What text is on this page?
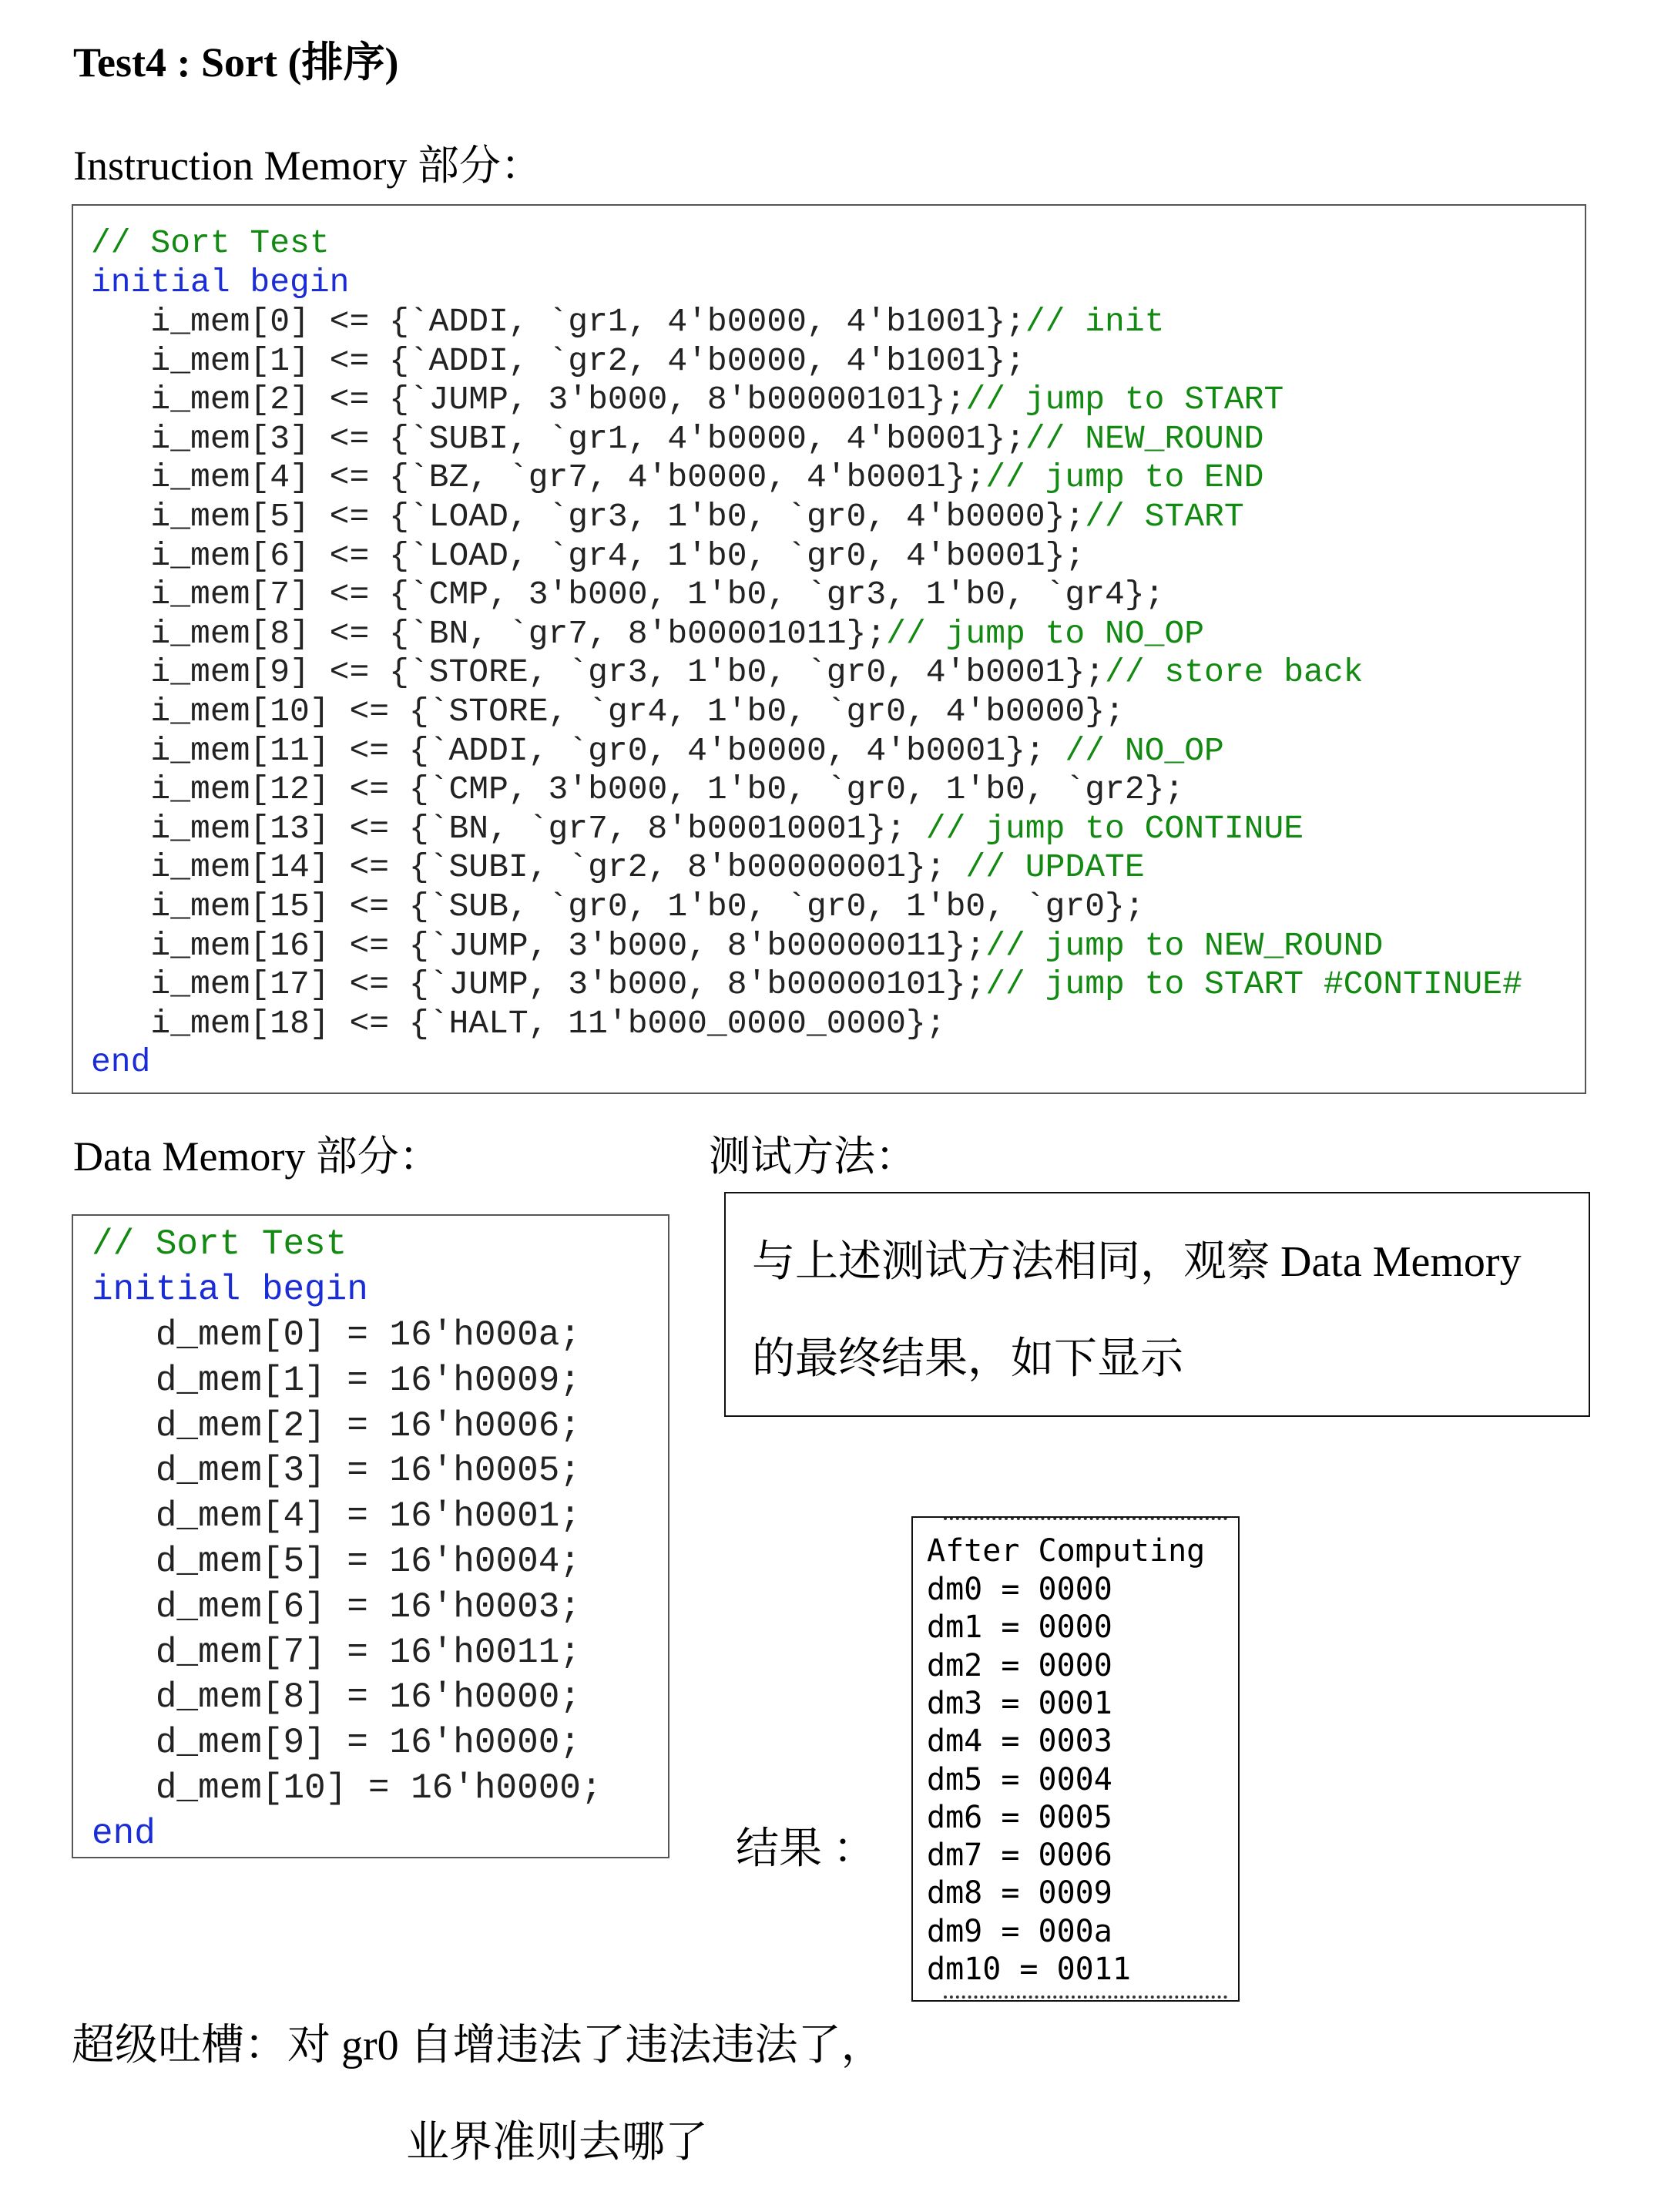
Test4 : Sort (排序)
Instruction Memory 部分：
// Sort Test
initial begin
i_mem[0] <= {`ADDI, `gr1, 4'b0000, 4'b1001};// init
i_mem[1] <= {`ADDI, `gr2, 4'b0000, 4'b1001};
i_mem[2] <= {`JUMP, 3'b000, 8'b00000101};// jump to START
i_mem[3] <= {`SUBI, `gr1, 4'b0000, 4'b0001};// NEW_ROUND
i_mem[4] <= {`BZ, `gr7, 4'b0000, 4'b0001};// jump to END
i_mem[5] <= {`LOAD, `gr3, 1'b0, `gr0, 4'b0000};// START
i_mem[6] <= {`LOAD, `gr4, 1'b0, `gr0, 4'b0001};
i_mem[7] <= {`CMP, 3'b000, 1'b0, `gr3, 1'b0, `gr4};
i_mem[8] <= {`BN, `gr7, 8'b00001011};// jump to NO_OP
i_mem[9] <= {`STORE, `gr3, 1'b0, `gr0, 4'b0001};// store back
i_mem[10] <= {`STORE, `gr4, 1'b0, `gr0, 4'b0000};
i_mem[11] <= {`ADDI, `gr0, 4'b0000, 4'b0001}; // NO_OP
i_mem[12] <= {`CMP, 3'b000, 1'b0, `gr0, 1'b0, `gr2};
i_mem[13] <= {`BN, `gr7, 8'b00010001}; // jump to CONTINUE
i_mem[14] <= {`SUBI, `gr2, 8'b00000001}; // UPDATE
i_mem[15] <= {`SUB, `gr0, 1'b0, `gr0, 1'b0, `gr0};
i_mem[16] <= {`JUMP, 3'b000, 8'b00000011};// jump to NEW_ROUND
i_mem[17] <= {`JUMP, 3'b000, 8'b00000101};// jump to START #CONTINUE#
i_mem[18] <= {`HALT, 11'b000_0000_0000};
end
Data Memory 部分：	测试方法：
// Sort Test
initial begin
d_mem[0] = 16'h000a;
d_mem[1] = 16'h0009;
d_mem[2] = 16'h0006;
d_mem[3] = 16'h0005;
d_mem[4] = 16'h0001;
d_mem[5] = 16'h0004;
d_mem[6] = 16'h0003;
d_mem[7] = 16'h0011;
d_mem[8] = 16'h0000;
d_mem[9] = 16'h0000;
d_mem[10] = 16'h0000;
end
与上述测试方法相同，观察 Data Memory
的最终结果，如下显示
结果 ：
After Computing
dm0 = 0000
dm1 = 0000
dm2 = 0000
dm3 = 0001
dm4 = 0003
dm5 = 0004
dm6 = 0005
dm7 = 0006
dm8 = 0009
dm9 = 000a
dm10 = 0011
超级吐槽：对 gr0 自增违法了违法违法了，
业界准则去哪了
